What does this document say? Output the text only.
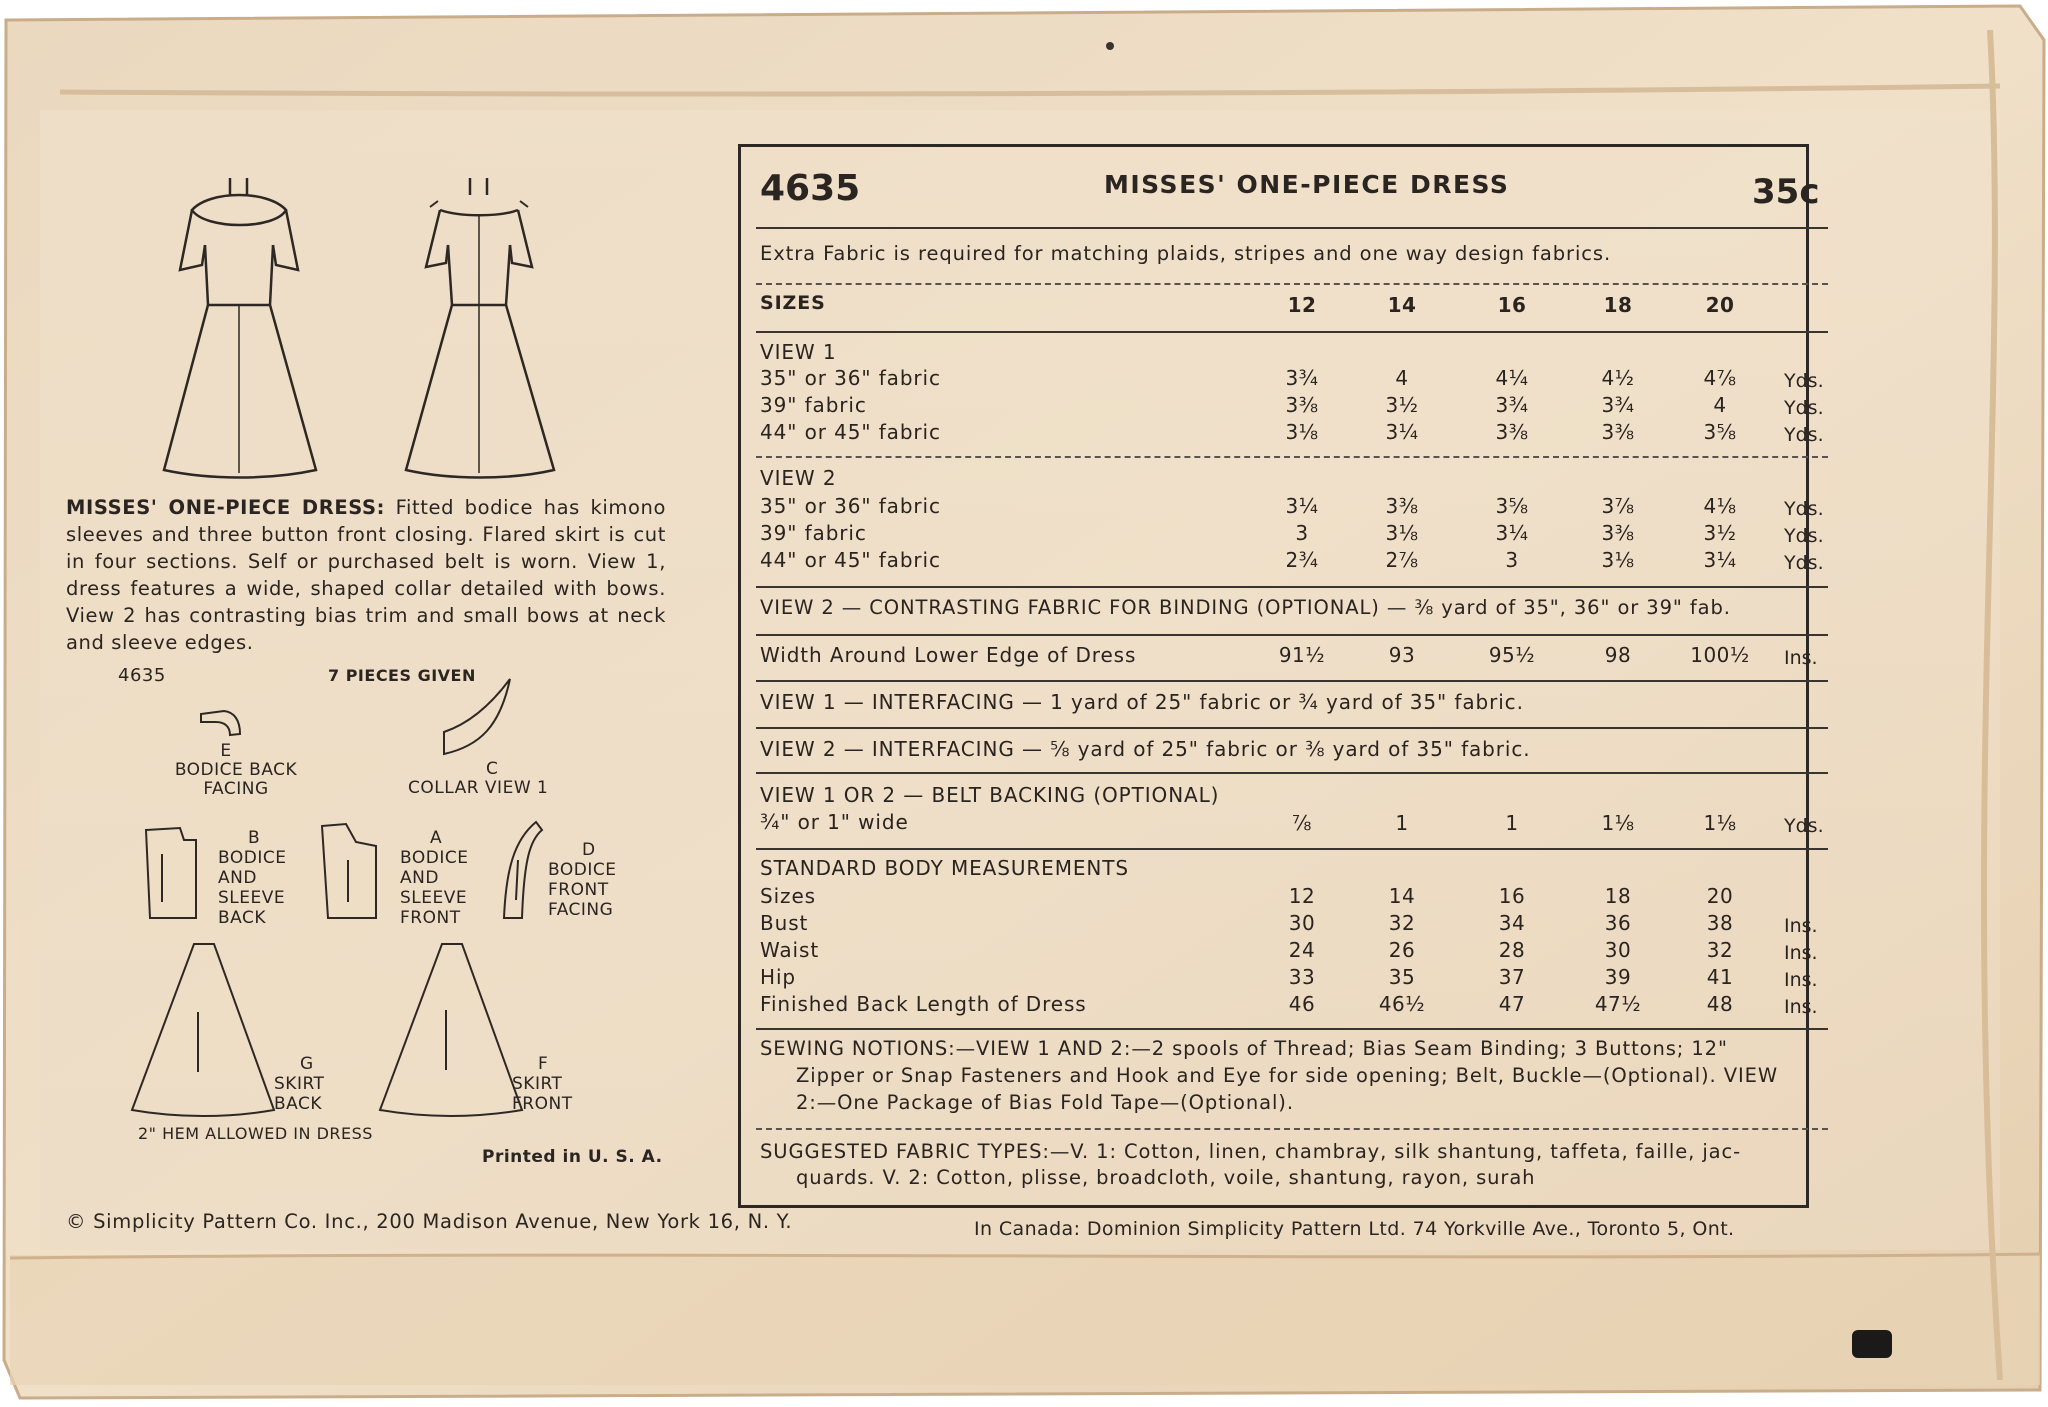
MISSES' ONE-PIECE DRESS: Fitted bodice has kimono sleeves and three button front closing. Flared skirt is cut in four sections. Self or purchased belt is worn. View 1, dress features a wide, shaped collar detailed with bows. View 2 has contrasting bias trim and small bows at neck and sleeve edges.
4635	7 PIECES GIVEN
E
BODICE BACK FACING
C
COLLAR VIEW 1
B
BODICE AND SLEEVE BACK
A
BODICE AND SLEEVE FRONT
D
BODICE FRONT FACING
G
SKIRT BACK
F
SKIRT FRONT
2" HEM ALLOWED IN DRESS
Printed in U. S. A.
4635	MISSES' ONE-PIECE DRESS	35c
Extra Fabric is required for matching plaids, stripes and one way design fabrics.
SIZES	12	14	16	18	20
VIEW 1
35" or 36" fabric	3¾	4	4¼	4½	4⅞	Yds.
39" fabric	3⅜	3½	3¾	3¾	4	Yds.
44" or 45" fabric	3⅛	3¼	3⅜	3⅜	3⅝	Yds.
VIEW 2
35" or 36" fabric	3¼	3⅜	3⅝	3⅞	4⅛	Yds.
39" fabric	3	3⅛	3¼	3⅜	3½	Yds.
44" or 45" fabric	2¾	2⅞	3	3⅛	3¼	Yds.
VIEW 2 — CONTRASTING FABRIC FOR BINDING (OPTIONAL) — ⅜ yard of 35", 36" or 39" fab.
Width Around Lower Edge of Dress	91½	93	95½	98	100½	Ins.
VIEW 1 — INTERFACING — 1 yard of 25" fabric or ¾ yard of 35" fabric.
VIEW 2 — INTERFACING — ⅝ yard of 25" fabric or ⅜ yard of 35" fabric.
VIEW 1 OR 2 — BELT BACKING (OPTIONAL)
¾" or 1" wide	⅞	1	1	1⅛	1⅛	Yds.
STANDARD BODY MEASUREMENTS
Sizes	12	14	16	18	20
Bust	30	32	34	36	38	Ins.
Waist	24	26	28	30	32	Ins.
Hip	33	35	37	39	41	Ins.
Finished Back Length of Dress	46	46½	47	47½	48	Ins.
SEWING NOTIONS:—VIEW 1 AND 2:—2 spools of Thread; Bias Seam Binding; 3 Buttons; 12"
Zipper or Snap Fasteners and Hook and Eye for side opening; Belt, Buckle—(Optional). VIEW
2:—One Package of Bias Fold Tape—(Optional).
SUGGESTED FABRIC TYPES:—V. 1: Cotton, linen, chambray, silk shantung, taffeta, faille, jac-
quards. V. 2: Cotton, plisse, broadcloth, voile, shantung, rayon, surah
© Simplicity Pattern Co. Inc., 200 Madison Avenue, New York 16, N. Y.	In Canada: Dominion Simplicity Pattern Ltd. 74 Yorkville Ave., Toronto 5, Ont.
